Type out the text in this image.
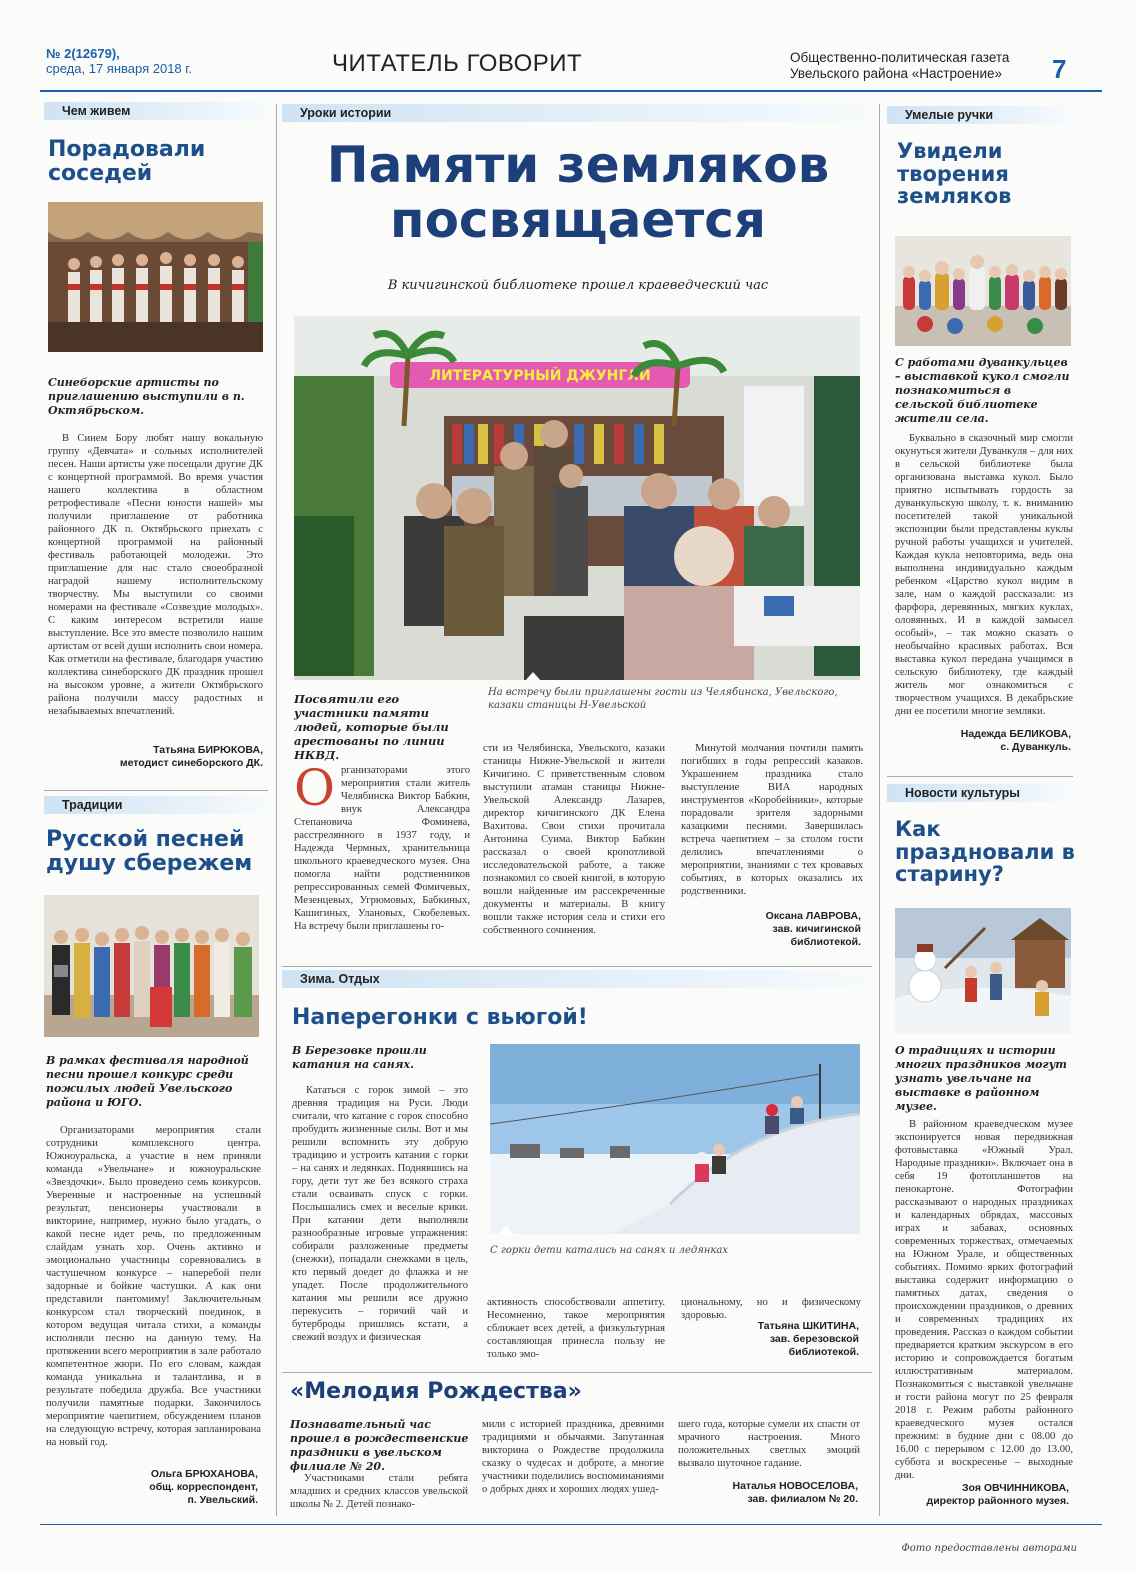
№ 2(12679),
среда, 17 января 2018 г.	ЧИТАТЕЛЬ ГОВОРИТ	Общественно-политическая газета
Увельского района «Настроение» 7
Чем живем
Порадовали соседей
Синеборские артисты по приглашению выступили в п. Октябрьском.

В Синем Бору любят нашу вокальную группу «Девчата» и сольных исполнителей песен. Наши артисты уже посещали другие ДК с концертной программой. Во время участия нашего коллектива в областном ретрофестивале «Песни юности нашей» мы получили приглашение от работника районного ДК п. Октябрьского приехать с концертной программой на районный фестиваль работающей молодежи. Это приглашение для нас стало своеобразной наградой нашему исполнительскому творчеству. Мы выступили со своими номерами на фестивале «Созвездие молодых». С каким интересом встретили наше выступление. Все это вместе позволило нашим артистам от всей души исполнить свои номера. Как отметили на фестивале, благодаря участию коллектива синеборского ДК праздник прошел на высоком уровне, а жители Октябрьского района получили массу радостных и незабываемых впечатлений.

Татьяна БИРЮКОВА,
методист синеборского ДК.
Традиции
Русской песней душу сбережем
В рамках фестиваля народной песни прошел конкурс среди пожилых людей Увельского района и ЮГО.

Организаторами мероприятия стали сотрудники комплексного центра. Южноуральска, а участие в нем приняли команда «Увельчане» и южноуральские «Звездочки». Было проведено семь конкурсов. Уверенные и настроенные на успешный результат, пенсионеры участвовали в викторине, например, нужно было угадать, о какой песне идет речь, по предложенным слайдам узнать хор. Очень активно и эмоционально участницы соревновались в частушечном конкурсе – наперебой пели задорные и бойкие частушки. А как они представили пантомиму! Заключительным конкурсом стал творческий поединок, в котором ведущая читала стихи, а команды исполняли песню на данную тему. На протяжении всего мероприятия в зале работало компетентное жюри. По его словам, каждая команда уникальна и талантлива, и в результате победила дружба. Все участники получили памятные подарки. Закончилось мероприятие чаепитием, обсуждением планов на следующую встречу, которая запланирована на новый год.

Ольга БРЮХАНОВА,
общ. корреспондент,
п. Увельский.
Уроки истории
Памяти земляков посвящается
В кичигинской библиотеке прошел краеведческий час
ЛИТЕРАТУРНЫЙ ДЖУНГЛИ
Посвятили его участники памяти людей, которые были арестованы по линии НКВД.
На встречу были приглашены гости из Челябинска, Увельского, казаки станицы Н-Увельской
Организаторами этого мероприятия стали житель Челябинска Виктор Бабкин, внук Александра Степановича Фоминева, расстрелянного в 1937 году, и Надежда Чермных, хранительница школьного краеведческого музея. Она помогла найти родственников репрессированных семей Фомичевых, Мезенцевых, Угрюмовых, Бабкиных, Кашигиных, Улановых, Скобелевых. На встречу были приглашены го-
сти из Челябинска, Увельского, казаки станицы Нижне-Увельской и жители Кичигино. С приветственным словом выступили атаман станицы Нижне-Увельской Александр Лазарев, директор кичигинского ДК Елена Вахитова. Свои стихи прочитала Антонина Суима. Виктор Бабкин рассказал о своей кропотливой исследовательской работе, а также познакомил со своей книгой, в которую вошли найденные им рассекреченные документы и материалы. В книгу вошли также история села и стихи его собственного сочинения.

Минутой молчания почтили память погибших в годы репрессий казаков. Украшением праздника стало выступление ВИА народных инструментов «Коробейники», которые порадовали зрителя задорными казацкими песнями. Завершилась встреча чаепитием – за столом гости делились впечатлениями о мероприятии, знаниями с тех кровавых событиях, в которых оказались их родственники.

Оксана ЛАВРОВА,
зав. кичигинской
библиотекой.
Зима. Отдых
Наперегонки с вьюгой!
В Березовке прошли катания на санях.

Кататься с горок зимой – это древняя традиция на Руси. Люди считали, что катание с горок способно пробудить жизненные силы. Вот и мы решили вспомнить эту добрую традицию и устроить катания с горки – на санях и ледянках. Поднявшись на гору, дети тут же без всякого страха стали осваивать спуск с горки. Послышались смех и веселые крики. При катании дети выполняли разнообразные игровые упражнения: собирали разложенные предметы (снежки), попадали снежками в цель, кто первый доедет до флажка и не упадет. После продолжительного катания мы решили все дружно перекусить – горячий чай и бутерброды пришлись кстати, а свежий воздух и физическая

С горки дети катались на санях и ледянках
активность способствовали аппетиту. Несомненно, такое мероприятия сближает всех детей, а физкультурная составляющая принесла пользу не только эмо-
циональному, но и физическому здоровью.
Татьяна ШКИТИНА,
зав. березовской
библиотекой.
«Мелодия Рождества»
Познавательный час прошел в рождественские праздники в увельском филиале № 20.

Участниками стали ребята младших и средних классов увельской школы № 2. Детей познако-

мили с историей праздника, древними традициями и обычаями. Запутанная викторина о Рождестве продолжила сказку о чудесах и доброте, а многие участники поделились воспоминаниями о добрых днях и хороших людях ушед-
шего года, которые сумели их спасти от мрачного настроения. Много положительных светлых эмоций вызвало шуточное гадание.
Наталья НОВОСЕЛОВА,
зав. филиалом № 20.
Умелые ручки
Увидели творения земляков
С работами дуванкульцев – выставкой кукол смогли познакомиться в сельской библиотеке жители села.

Буквально в сказочный мир смогли окунуться жители Дуванкуля – для них в сельской библиотеке была организована выставка кукол. Было приятно испытывать гордость за дуванкульскую школу, т. к. вниманию посетителей такой уникальной экспозиции были представлены куклы ручной работы учащихся и учителей. Каждая кукла неповторима, ведь она выполнена индивидуально каждым ребенком «Царство кукол видим в зале, нам о каждой рассказали: из фарфора, деревянных, мягких куклах, оловянных. И в каждой замысел особый», – так можно сказать о необычайно красивых работах. Вся выставка кукол передана учащимся в сельскую библиотеку, где каждый житель мог ознакомиться с творчеством учащихся. В декабрьские дни ее посетили многие земляки.

Надежда БЕЛИКОВА,
с. Дуванкуль.
Новости культуры
Как праздновали в старину?
О традициях и истории многих праздников могут узнать увельчане на выставке в районном музее.

В районном краеведческом музее экспонируется новая передвижная фотовыставка «Южный Урал. Народные праздники». Включает она в себя 19 фотопланшетов на пенокартоне. Фотографии рассказывают о народных праздниках и календарных обрядах, массовых играх и забавах, основных современных торжествах, отмечаемых на Южном Урале, и общественных событиях. Помимо ярких фотографий выставка содержит информацию о памятных датах, сведения о происхождении праздников, о древних и современных традициях их проведения. Рассказ о каждом событии предваряется кратким экскурсом в его историю и сопровождается богатым иллюстративным материалом. Познакомиться с выставкой увельчане и гости района могут по 25 февраля 2018 г. Режим работы районного краеведческого музея остался прежним: в будние дни с 08.00 до 16.00 с перерывом с 12.00 до 13.00, суббота и воскресенье – выходные дни.

Зоя ОВЧИННИКОВА,
директор районного музея.
Фото предоставлены авторами
